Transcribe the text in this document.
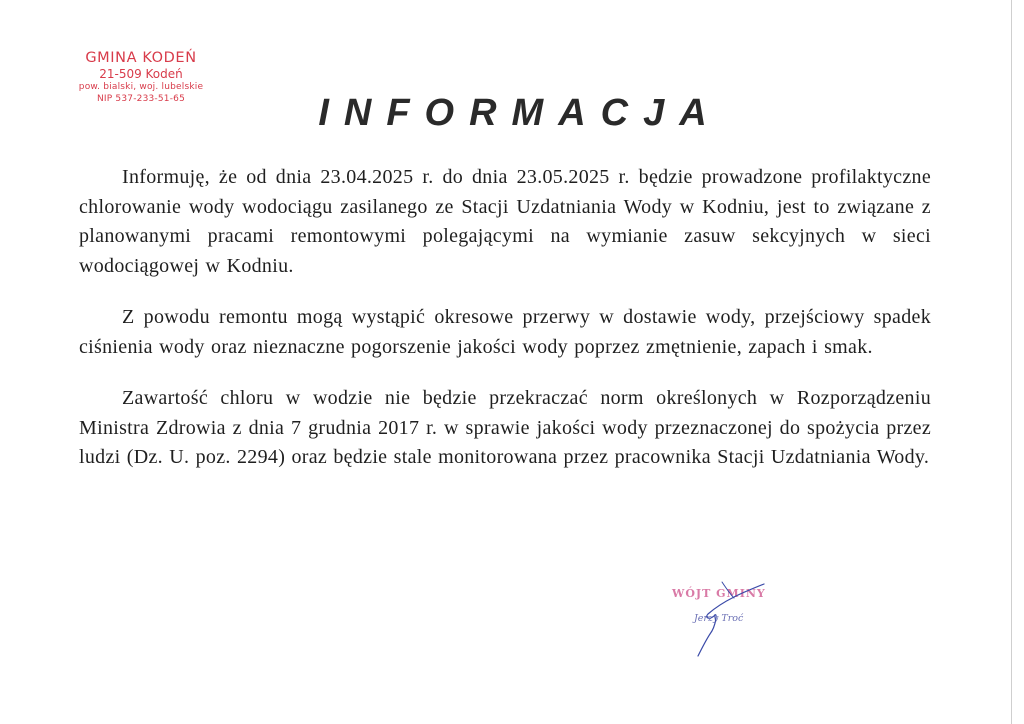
GMINA KODEŃ
21-509 Kodeń
pow. bialski, woj. lubelskie
NIP 537-233-51-65	INFORMACJA

Informuję, że od dnia 23.04.2025 r. do dnia 23.05.2025 r. będzie prowadzone profilaktyczne chlorowanie wody wodociągu zasilanego ze Stacji Uzdatniania Wody w Kodniu, jest to związane z planowanymi pracami remontowymi polegającymi na wymianie zasuw sekcyjnych w sieci wodociągowej w Kodniu.

Z powodu remontu mogą wystąpić okresowe przerwy w dostawie wody, przejściowy spadek ciśnienia wody oraz nieznaczne pogorszenie jakości wody poprzez zmętnienie, zapach i smak.

Zawartość chloru w wodzie nie będzie przekraczać norm określonych w Rozporządzeniu Ministra Zdrowia z dnia 7 grudnia 2017 r. w sprawie jakości wody przeznaczonej do spożycia przez ludzi (Dz. U. poz. 2294) oraz będzie stale monitorowana przez pracownika Stacji Uzdatniania Wody.

WÓJT GMINY
Jerzy Troć
